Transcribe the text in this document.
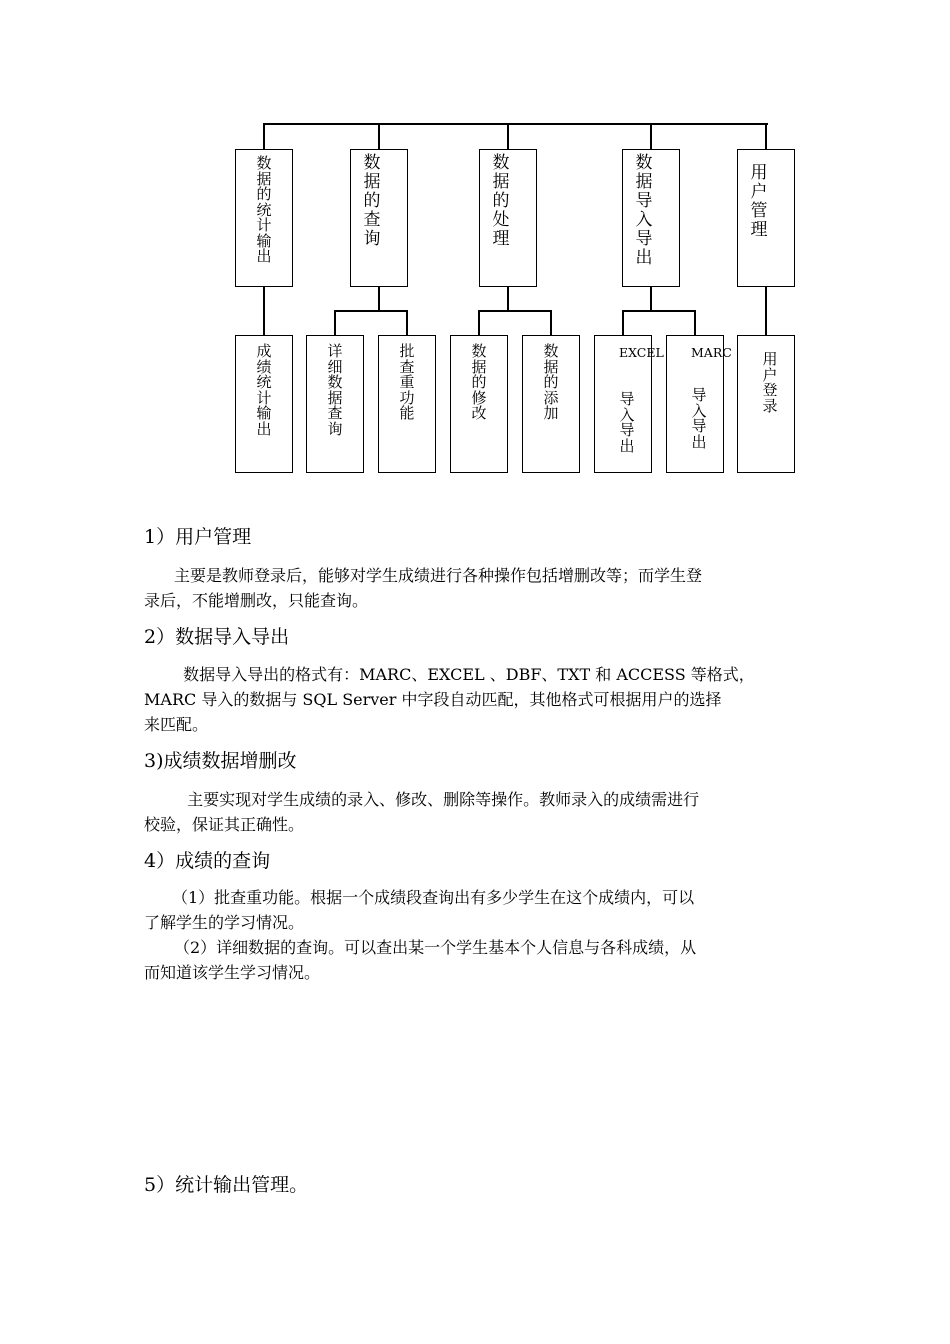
数据的统计输出
数据的查询
数据的处理
数据导入导出
用户管理
成绩统计输出
详细数据查询
批查重功能
数据的修改
数据的添加
EXCEL
导入导出
MARC
导入导出
用户登录
1）用户管理
　主要是教师登录后，能够对学生成绩进行各种操作包括增删改等；而学生登
录后，不能增删改，只能查询。
2）数据导入导出
　 数据导入导出的格式有：MARC、EXCEL 、DBF、TXT 和 ACCESS 等格式，
MARC 导入的数据与 SQL Server 中字段自动匹配，其他格式可根据用户的选择
来匹配。
3)成绩数据增删改
　 主要实现对学生成绩的录入、修改、删除等操作。教师录入的成绩需进行
校验，保证其正确性。
4）成绩的查询
（1）批查重功能。根据一个成绩段查询出有多少学生在这个成绩内，可以
了解学生的学习情况。
（2）详细数据的查询。可以查出某一个学生基本个人信息与各科成绩，从
而知道该学生学习情况。
5）统计输出管理。
